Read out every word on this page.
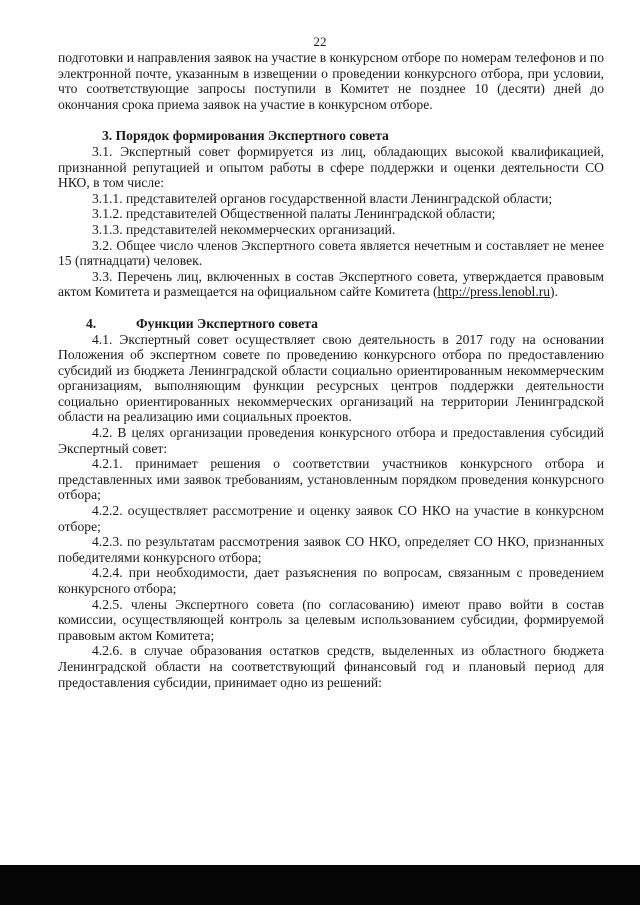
22

подготовки и направления заявок на участие в конкурсном отборе по номерам телефонов и по электронной почте, указанным в извещении о проведении конкурсного отбора, при условии, что соответствующие запросы поступили в Комитет не позднее 10 (десяти) дней до окончания срока приема заявок на участие в конкурсном отборе.

3. Порядок формирования Экспертного совета

3.1. Экспертный совет формируется из лиц, обладающих высокой квалификацией, признанной репутацией и опытом работы в сфере поддержки и оценки деятельности СО НКО, в том числе:

3.1.1. представителей органов государственной власти Ленинградской области;

3.1.2. представителей Общественной палаты Ленинградской области;

3.1.3. представителей некоммерческих организаций.

3.2. Общее число членов Экспертного совета является нечетным и составляет не менее 15 (пятнадцати) человек.

3.3. Перечень лиц, включенных в состав Экспертного совета, утверждается правовым актом Комитета и размещается на официальном сайте Комитета (http://press.lenobl.ru).

4.	Функции Экспертного совета

4.1. Экспертный совет осуществляет свою деятельность в 2017 году на основании Положения об экспертном совете по проведению конкурсного отбора по предоставлению субсидий из бюджета Ленинградской области социально ориентированным некоммерческим организациям, выполняющим функции ресурсных центров поддержки деятельности социально ориентированных некоммерческих организаций на территории Ленинградской области на реализацию ими социальных проектов.

4.2. В целях организации проведения конкурсного отбора и предоставления субсидий Экспертный совет:

4.2.1. принимает решения о соответствии участников конкурсного отбора и представленных ими заявок требованиям, установленным порядком проведения конкурсного отбора;

4.2.2. осуществляет рассмотрение и оценку заявок СО НКО на участие в конкурсном отборе;

4.2.3. по результатам рассмотрения заявок СО НКО, определяет СО НКО, признанных победителями конкурсного отбора;

4.2.4. при необходимости, дает разъяснения по вопросам, связанным с проведением конкурсного отбора;

4.2.5. члены Экспертного совета (по согласованию) имеют право войти в состав комиссии, осуществляющей контроль за целевым использованием субсидии, формируемой правовым актом Комитета;

4.2.6. в случае образования остатков средств, выделенных из областного бюджета Ленинградской области на соответствующий финансовый год и плановый период для предоставления субсидии, принимает одно из решений:
